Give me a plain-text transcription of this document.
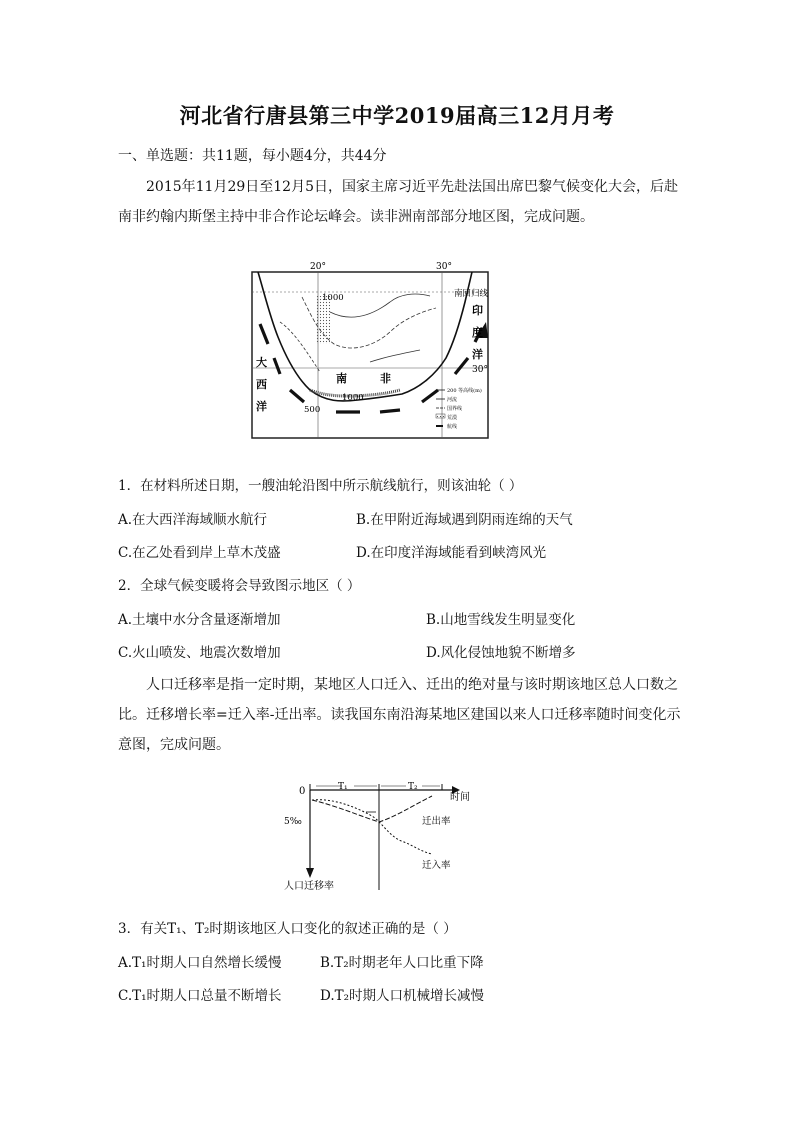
河北省行唐县第三中学2019届高三12月月考
一、单选题：共11题，每小题4分，共44分
2015年11月29日至12月5日，国家主席习近平先赴法国出席巴黎气候变化大会，后赴南非约翰内斯堡主持中非合作论坛峰会。读非洲南部部分地区图，完成问题。
20°	30°
南回归线
30°
1000
1000
500
大
西
洋
印
度
洋
南	非
200 等高线(m)
河流
国界线
荒漠
航线
1．在材料所述日期，一艘油轮沿图中所示航线航行，则该油轮（ ）
A.在大西洋海域顺水航行	B.在甲附近海域遇到阴雨连绵的天气
C.在乙处看到岸上草木茂盛	D.在印度洋海域能看到峡湾风光
2．全球气候变暖将会导致图示地区（ ）
A.土壤中水分含量逐渐增加	B.山地雪线发生明显变化
C.火山喷发、地震次数增加	D.风化侵蚀地貌不断增多
人口迁移率是指一定时期，某地区人口迁入、迁出的绝对量与该时期该地区总人口数之比。迁移增长率=迁入率-迁出率。读我国东南沿海某地区建国以来人口迁移率随时间变化示意图，完成问题。
0	T₁	T₂
时间
5‰	迁出率
迁入率
人口迁移率
3．有关T₁、T₂时期该地区人口变化的叙述正确的是（ ）
A.T₁时期人口自然增长缓慢	B.T₂时期老年人口比重下降
C.T₁时期人口总量不断增长	D.T₂时期人口机械增长减慢
